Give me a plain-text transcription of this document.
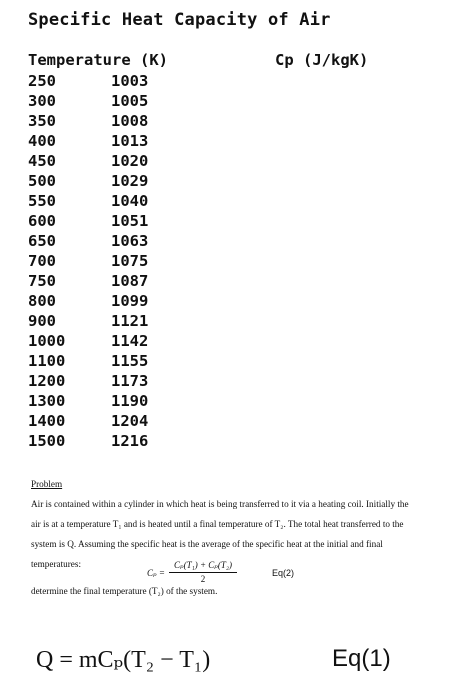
Specific Heat Capacity of Air
Temperature (K)	Cp (J/kgK)
250	1003
300	1005
350	1008
400	1013
450	1020
500	1029
550	1040
600	1051
650	1063
700	1075
750	1087
800	1099
900	1121
1000	1142
1100	1155
1200	1173
1300	1190
1400	1204
1500	1216
Problem
Air is contained within a cylinder in which heat is being transferred to it via a heating coil. Initially the air is at a temperature T₁ and is heated until a final temperature of T₂. The total heat transferred to the system is Q. Assuming the specific heat is the average of the specific heat at the initial and final temperatures:
$C_p = \frac{\text{Cₚ(T₁) + Cₚ(T₂)}}{2}$	Eq(2)
determine the final temperature (T₂) of the system.
Q = mCₚ(T₂ − T₁)	Eq(1)
